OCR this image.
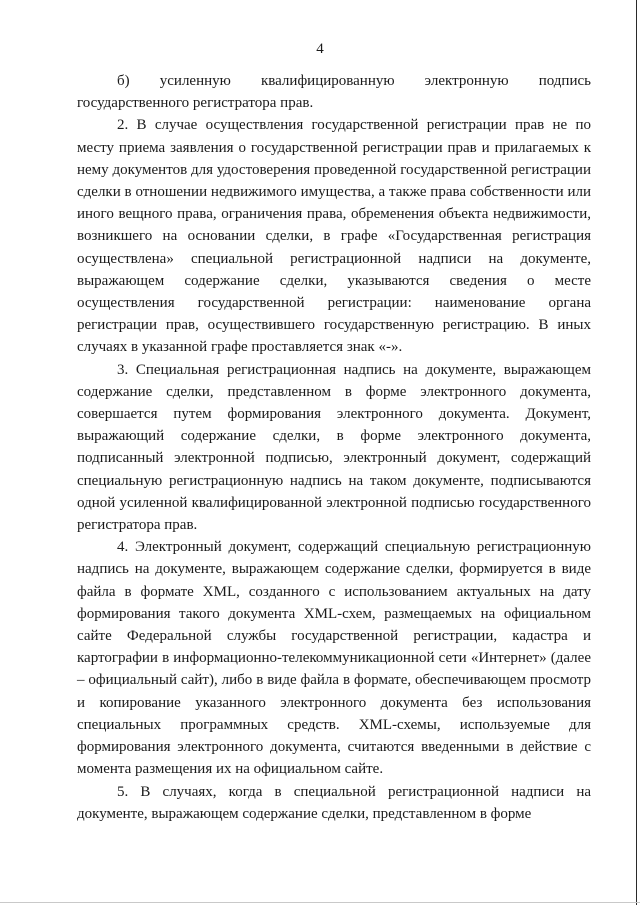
4

б) усиленную квалифицированную электронную подпись государственного регистратора прав.

2. В случае осуществления государственной регистрации прав не по месту приема заявления о государственной регистрации прав и прилагаемых к нему документов для удостоверения проведенной государственной регистрации сделки в отношении недвижимого имущества, а также права собственности или иного вещного права, ограничения права, обременения объекта недвижимости, возникшего на основании сделки, в графе «Государственная регистрация осуществлена» специальной регистрационной надписи на документе, выражающем содержание сделки, указываются сведения о месте осуществления государственной регистрации: наименование органа регистрации прав, осуществившего государственную регистрацию. В иных случаях в указанной графе проставляется знак «-».

3. Специальная регистрационная надпись на документе, выражающем содержание сделки, представленном в форме электронного документа, совершается путем формирования электронного документа. Документ, выражающий содержание сделки, в форме электронного документа, подписанный электронной подписью, электронный документ, содержащий специальную регистрационную надпись на таком документе, подписываются одной усиленной квалифицированной электронной подписью государственного регистратора прав.

4. Электронный документ, содержащий специальную регистрационную надпись на документе, выражающем содержание сделки, формируется в виде файла в формате XML, созданного с использованием актуальных на дату формирования такого документа XML-схем, размещаемых на официальном сайте Федеральной службы государственной регистрации, кадастра и картографии в информационно-телекоммуникационной сети «Интернет» (далее – официальный сайт), либо в виде файла в формате, обеспечивающем просмотр и копирование указанного электронного документа без использования специальных программных средств. XML-схемы, используемые для формирования электронного документа, считаются введенными в действие с момента размещения их на официальном сайте.

5. В случаях, когда в специальной регистрационной надписи на документе, выражающем содержание сделки, представленном в форме
